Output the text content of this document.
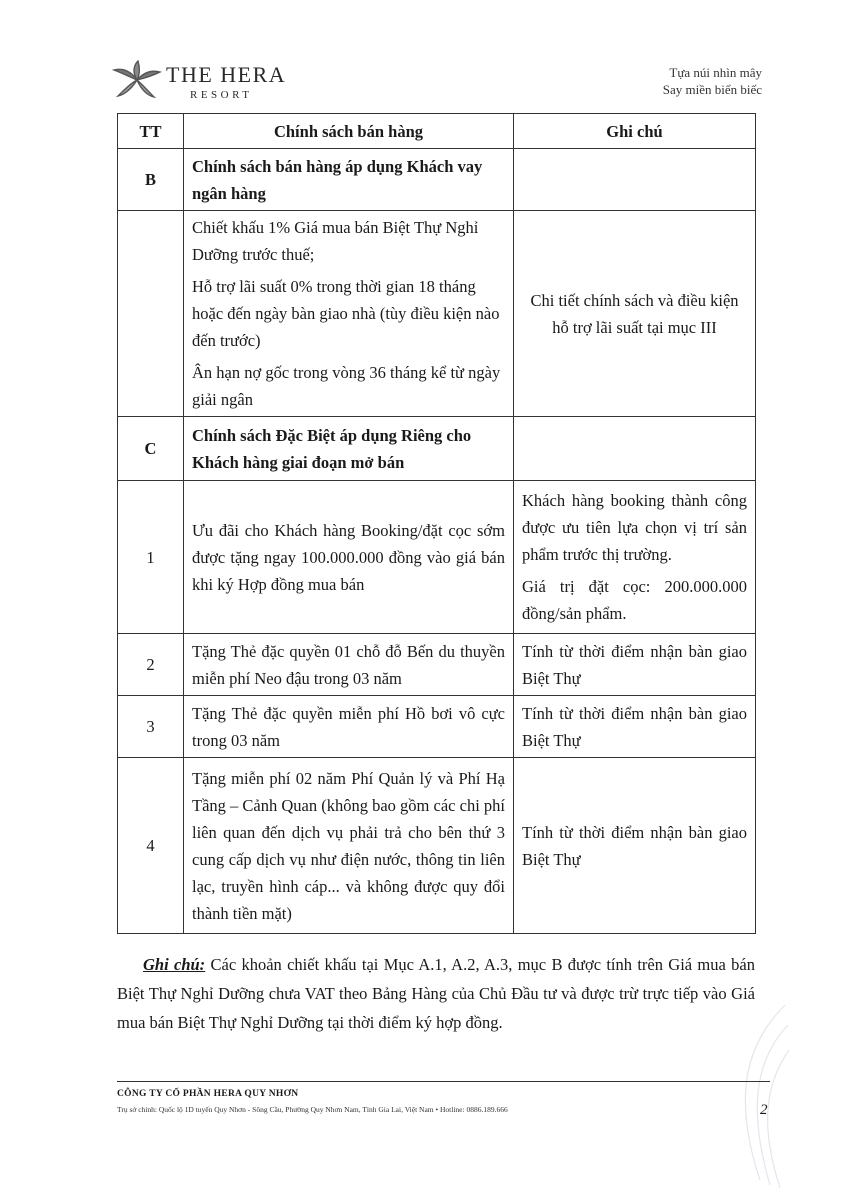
THE HERA
RESORT
Tựa núi nhìn mây
Say miền biển biếc
TT	Chính sách bán hàng	Ghi chú
B	Chính sách bán hàng áp dụng Khách vay ngân hàng	

	Chiết khấu 1% Giá mua bán Biệt Thự Nghỉ Dưỡng trước thuế;
Hỗ trợ lãi suất 0% trong thời gian 18 tháng hoặc đến ngày bàn giao nhà (tùy điều kiện nào đến trước)
Ân hạn nợ gốc trong vòng 36 tháng kể từ ngày giải ngân	Chi tiết chính sách và điều kiện hỗ trợ lãi suất tại mục III
C	Chính sách Đặc Biệt áp dụng Riêng cho Khách hàng giai đoạn mở bán	
1	Ưu đãi cho Khách hàng Booking/đặt cọc sớm được tặng ngay 100.000.000 đồng vào giá bán khi ký Hợp đồng mua bán	Khách hàng booking thành công được ưu tiên lựa chọn vị trí sản phẩm trước thị trường.
Giá trị đặt cọc: 200.000.000 đồng/sản phẩm.

2	Tặng Thẻ đặc quyền 01 chỗ đỗ Bến du thuyền miễn phí Neo đậu trong 03 năm	Tính từ thời điểm nhận bàn giao Biệt Thự
3	Tặng Thẻ đặc quyền miễn phí Hồ bơi vô cực trong 03 năm	Tính từ thời điểm nhận bàn giao Biệt Thự
4	Tặng miễn phí 02 năm Phí Quản lý và Phí Hạ Tầng – Cảnh Quan (không bao gồm các chi phí liên quan đến dịch vụ phải trả cho bên thứ 3 cung cấp dịch vụ như điện nước, thông tin liên lạc, truyền hình cáp... và không được quy đổi thành tiền mặt)	Tính từ thời điểm nhận bàn giao Biệt Thự
Ghi chú: Các khoản chiết khấu tại Mục A.1, A.2, A.3, mục B được tính trên Giá mua bán Biệt Thự Nghỉ Dưỡng chưa VAT theo Bảng Hàng của Chủ Đầu tư và được trừ trực tiếp vào Giá mua bán Biệt Thự Nghỉ Dưỡng tại thời điểm ký hợp đồng.
CÔNG TY CỔ PHẦN HERA QUY NHƠN
Trụ sở chính: Quốc lộ 1D tuyến Quy Nhơn - Sông Cầu, Phường Quy Nhơn Nam, Tỉnh Gia Lai, Việt Nam • Hotline: 0886.189.666	2
